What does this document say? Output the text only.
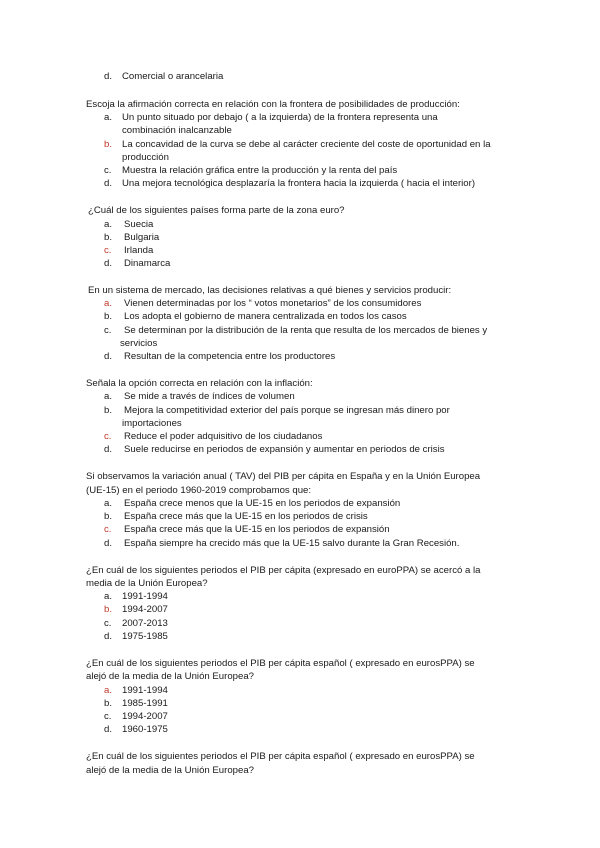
d. Comercial o arancelaria
Escoja la afirmación correcta en relación con la frontera de posibilidades de producción:
a. Un punto situado por debajo ( a la izquierda) de la frontera representa una
combinación inalcanzable
b. La concavidad de la curva se debe al carácter creciente del coste de oportunidad en la
producción
c. Muestra la relación gráfica entre la producción y la renta del país
d. Una mejora tecnológica desplazaría la frontera hacia la izquierda ( hacia el interior)
¿Cuál de los siguientes países forma parte de la zona euro?
a. Suecia
b. Bulgaria
c. Irlanda
d. Dinamarca
En un sistema de mercado, las decisiones relativas a qué bienes y servicios producir:
a. Vienen determinadas por los “ votos monetarios” de los consumidores
b. Los adopta el gobierno de manera centralizada en todos los casos
c. Se determinan por la distribución de la renta que resulta de los mercados de bienes y
servicios
d. Resultan de la competencia entre los productores
Señala la opción correcta en relación con la inflación:
a. Se mide a través de índices de volumen
b. Mejora la competitividad exterior del país porque se ingresan más dinero por
importaciones
c. Reduce el poder adquisitivo de los ciudadanos
d. Suele reducirse en periodos de expansión y aumentar en periodos de crisis
Si observamos la variación anual ( TAV) del PIB per cápita en España y en la Unión Europea
(UE-15) en el periodo 1960-2019 comprobamos que:
a. España crece menos que la UE-15 en los periodos de expansión
b. España crece más que la UE-15 en los periodos de crisis
c. España crece más que la UE-15 en los periodos de expansión
d. España siempre ha crecido más que la UE-15 salvo durante la Gran Recesión.
¿En cuál de los siguientes periodos el PIB per cápita (expresado en euroPPA) se acercó a la
media de la Unión Europea?
a. 1991-1994
b. 1994-2007
c. 2007-2013
d. 1975-1985
¿En cuál de los siguientes periodos el PIB per cápita español ( expresado en eurosPPA) se
alejó de la media de la Unión Europea?
a. 1991-1994
b. 1985-1991
c. 1994-2007
d. 1960-1975
¿En cuál de los siguientes periodos el PIB per cápita español ( expresado en eurosPPA) se
alejó de la media de la Unión Europea?
